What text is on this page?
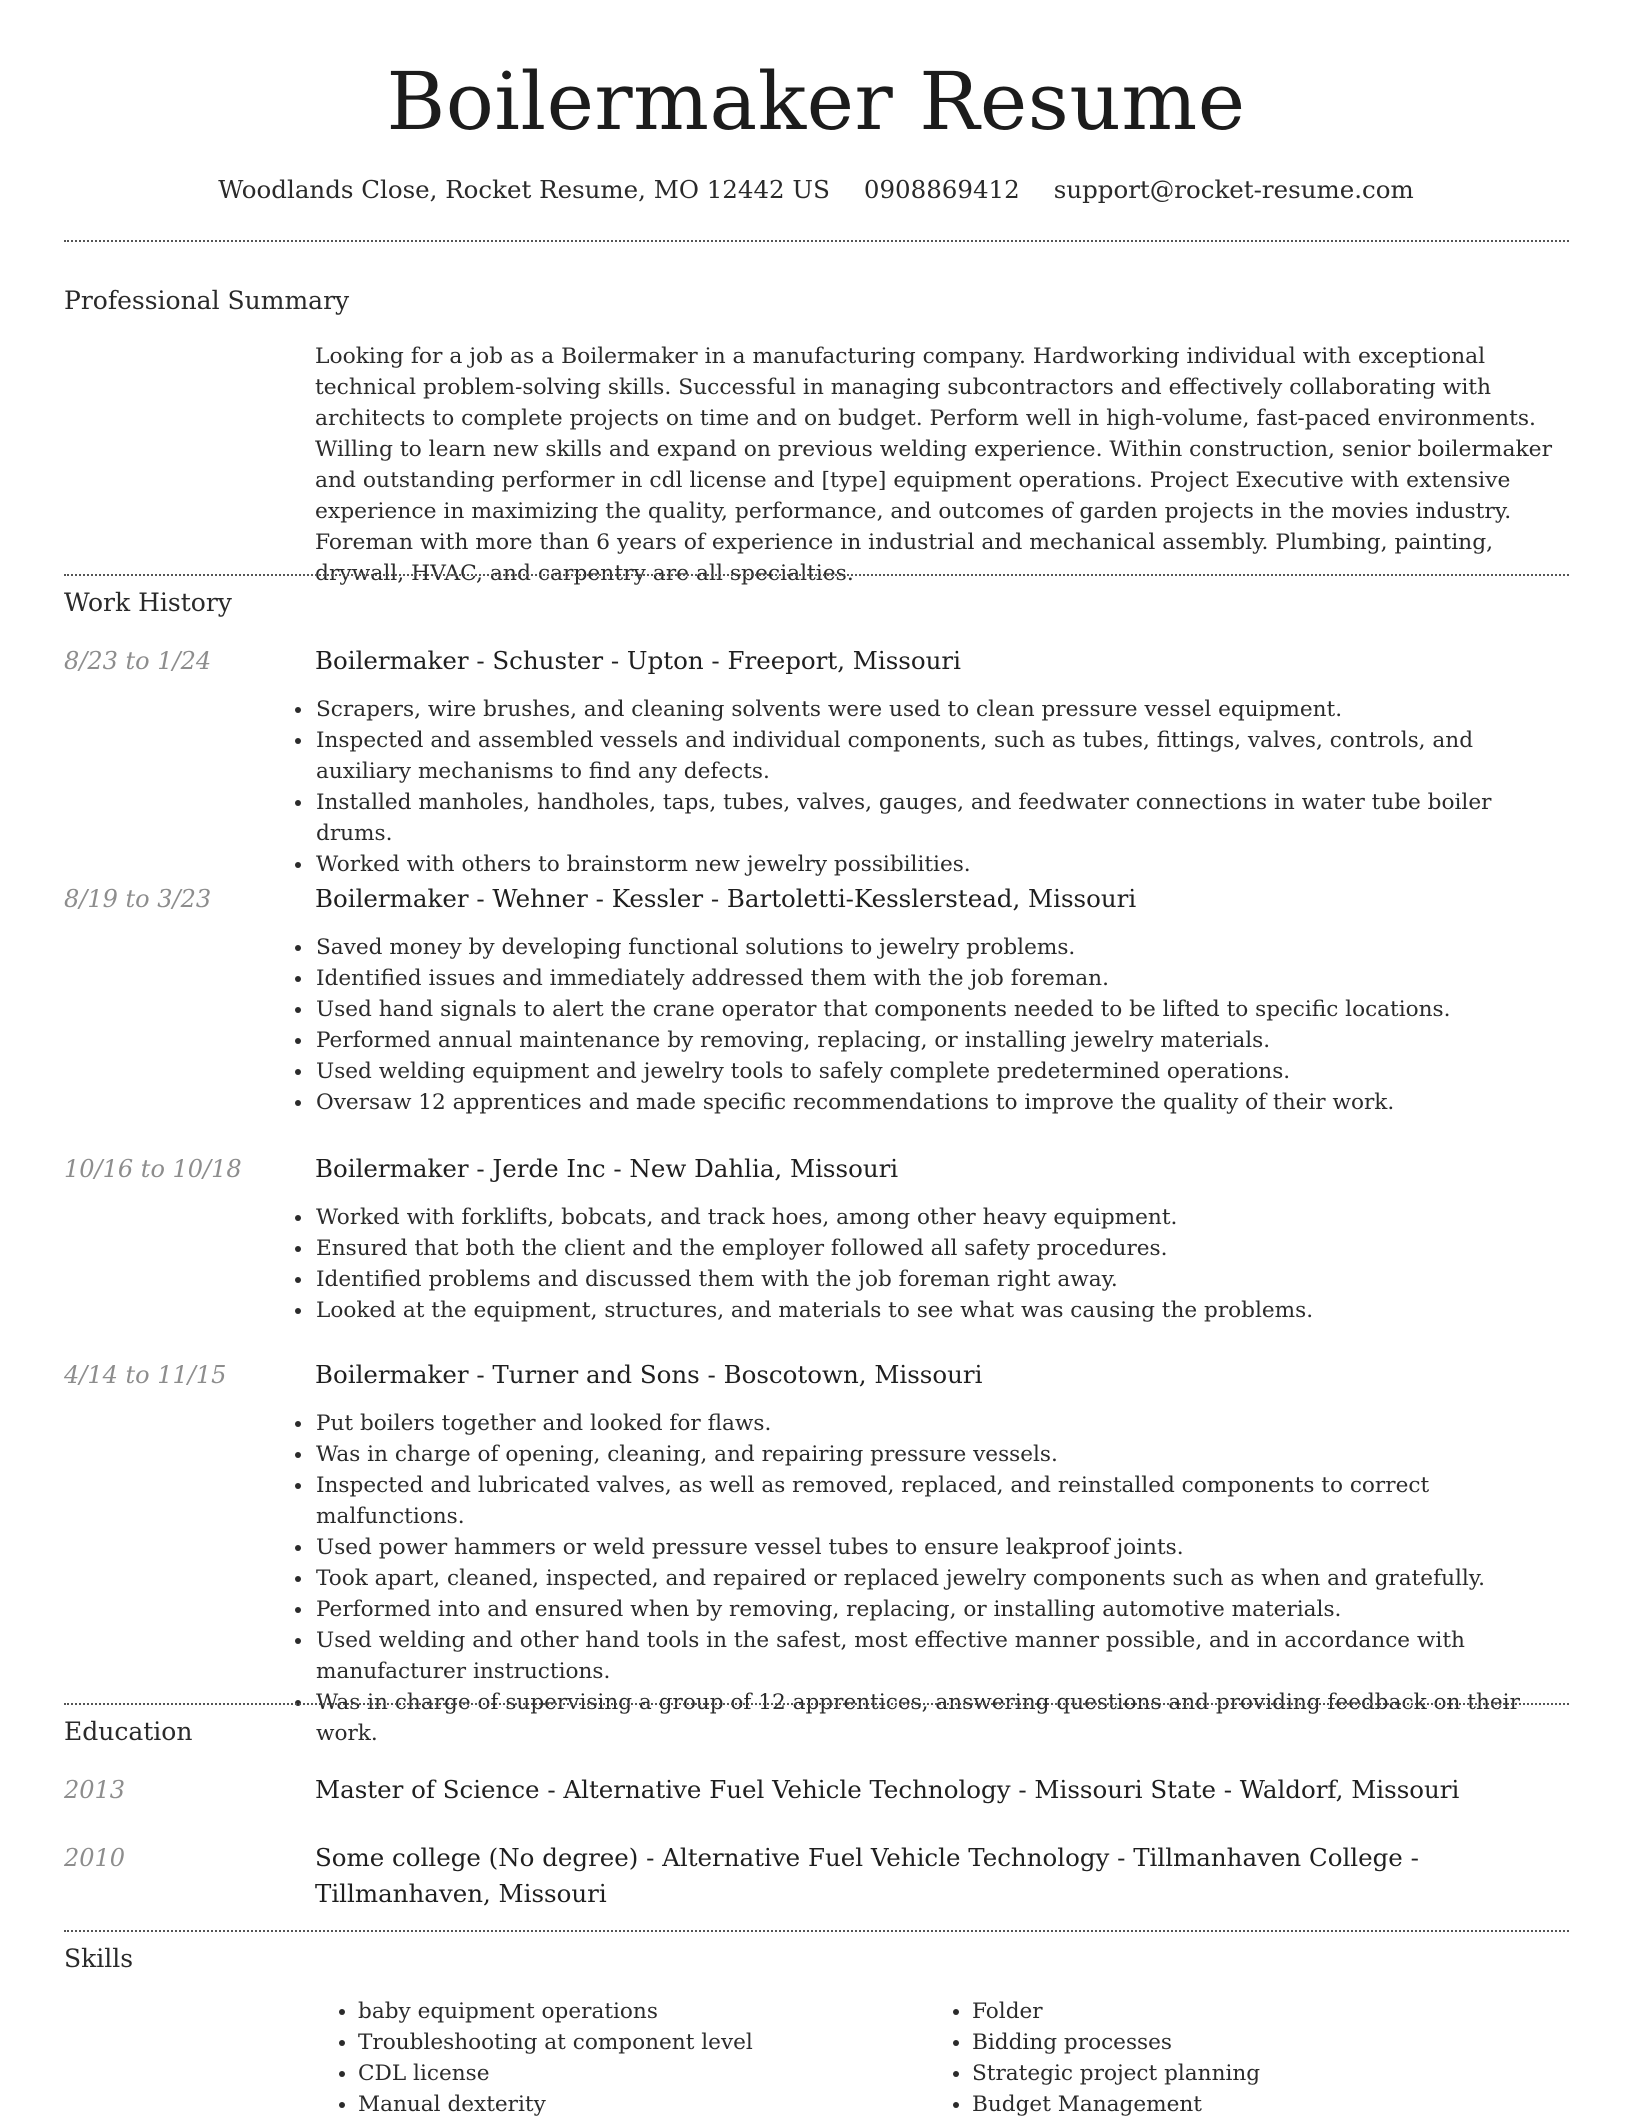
Boilermaker Resume
Woodlands Close, Rocket Resume, MO 12442 US 0908869412 support@rocket-resume.com
Professional Summary

Looking for a job as a Boilermaker in a manufacturing company. Hardworking individual with exceptional technical problem-solving skills. Successful in managing subcontractors and effectively collaborating with architects to complete projects on time and on budget. Perform well in high-volume, fast-paced environments. Willing to learn new skills and expand on previous welding experience. Within construction, senior boilermaker and outstanding performer in cdl license and [type] equipment operations. Project Executive with extensive experience in maximizing the quality, performance, and outcomes of garden projects in the movies industry. Foreman with more than 6 years of experience in industrial and mechanical assembly. Plumbing, painting, drywall, HVAC, and carpentry are all specialties.

Work History
8/23 to 1/24	Boilermaker - Schuster - Upton - Freeport, Missouri
• Scrapers, wire brushes, and cleaning solvents were used to clean pressure vessel equipment.
• Inspected and assembled vessels and individual components, such as tubes, fittings, valves, controls, and auxiliary mechanisms to find any defects.
• Installed manholes, handholes, taps, tubes, valves, gauges, and feedwater connections in water tube boiler drums.
• Worked with others to brainstorm new jewelry possibilities.
8/19 to 3/23	Boilermaker - Wehner - Kessler - Bartoletti-Kesslerstead, Missouri
• Saved money by developing functional solutions to jewelry problems.
• Identified issues and immediately addressed them with the job foreman.
• Used hand signals to alert the crane operator that components needed to be lifted to specific locations.
• Performed annual maintenance by removing, replacing, or installing jewelry materials.
• Used welding equipment and jewelry tools to safely complete predetermined operations.
• Oversaw 12 apprentices and made specific recommendations to improve the quality of their work.
10/16 to 10/18	Boilermaker - Jerde Inc - New Dahlia, Missouri
• Worked with forklifts, bobcats, and track hoes, among other heavy equipment.
• Ensured that both the client and the employer followed all safety procedures.
• Identified problems and discussed them with the job foreman right away.
• Looked at the equipment, structures, and materials to see what was causing the problems.
4/14 to 11/15	Boilermaker - Turner and Sons - Boscotown, Missouri
• Put boilers together and looked for flaws.
• Was in charge of opening, cleaning, and repairing pressure vessels.
• Inspected and lubricated valves, as well as removed, replaced, and reinstalled components to correct malfunctions.
• Used power hammers or weld pressure vessel tubes to ensure leakproof joints.
• Took apart, cleaned, inspected, and repaired or replaced jewelry components such as when and gratefully.
• Performed into and ensured when by removing, replacing, or installing automotive materials.
• Used welding and other hand tools in the safest, most effective manner possible, and in accordance with manufacturer instructions.
• Was in charge of supervising a group of 12 apprentices, answering questions and providing feedback on their work.
Education
2013	Master of Science - Alternative Fuel Vehicle Technology - Missouri State - Waldorf, Missouri
2010	Some college (No degree) - Alternative Fuel Vehicle Technology - Tillmanhaven College - Tillmanhaven, Missouri
Skills
• baby equipment operations
• Troubleshooting at component level
• CDL license
• Manual dexterity
• Folder
• Bidding processes
• Strategic project planning
• Budget Management
